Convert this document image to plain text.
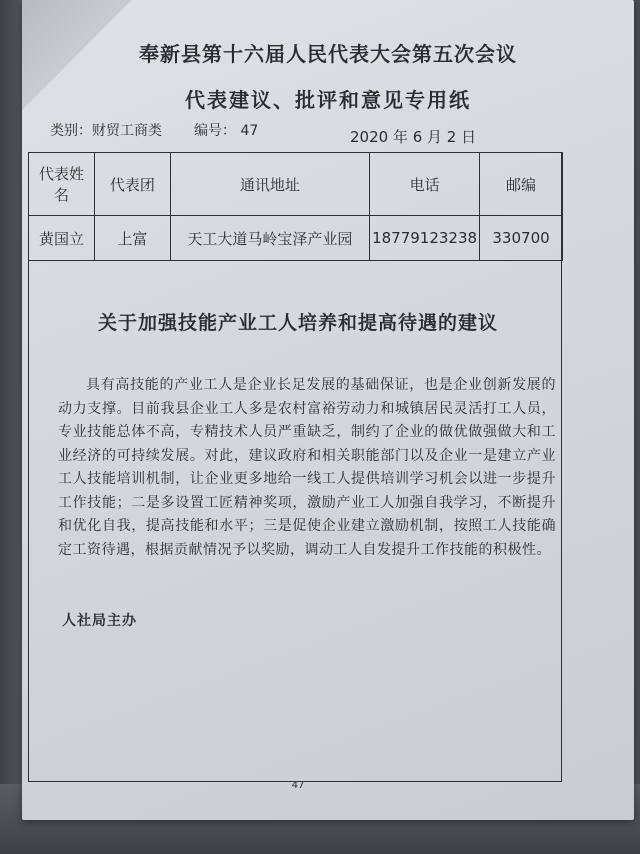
奉新县第十六届人民代表大会第五次会议
代表建议、批评和意见专用纸
类别：财贸工商类 编号： 47	2020 年 6 月 2 日
代表姓名	代表团	通讯地址	电话	邮编
黄国立	上富	天工大道马岭宝泽产业园	18779123238	330700
关于加强技能产业工人培养和提高待遇的建议
具有高技能的产业工人是企业长足发展的基础保证，也是企业创新发展的动力支撑。目前我县企业工人多是农村富裕劳动力和城镇居民灵活打工人员，专业技能总体不高，专精技术人员严重缺乏，制约了企业的做优做强做大和工业经济的可持续发展。对此，建议政府和相关职能部门以及企业一是建立产业工人技能培训机制，让企业更多地给一线工人提供培训学习机会以进一步提升工作技能；二是多设置工匠精神奖项，激励产业工人加强自我学习，不断提升和优化自我，提高技能和水平；三是促使企业建立激励机制，按照工人技能确定工资待遇，根据贡献情况予以奖励，调动工人自发提升工作技能的积极性。
人社局主办
47
